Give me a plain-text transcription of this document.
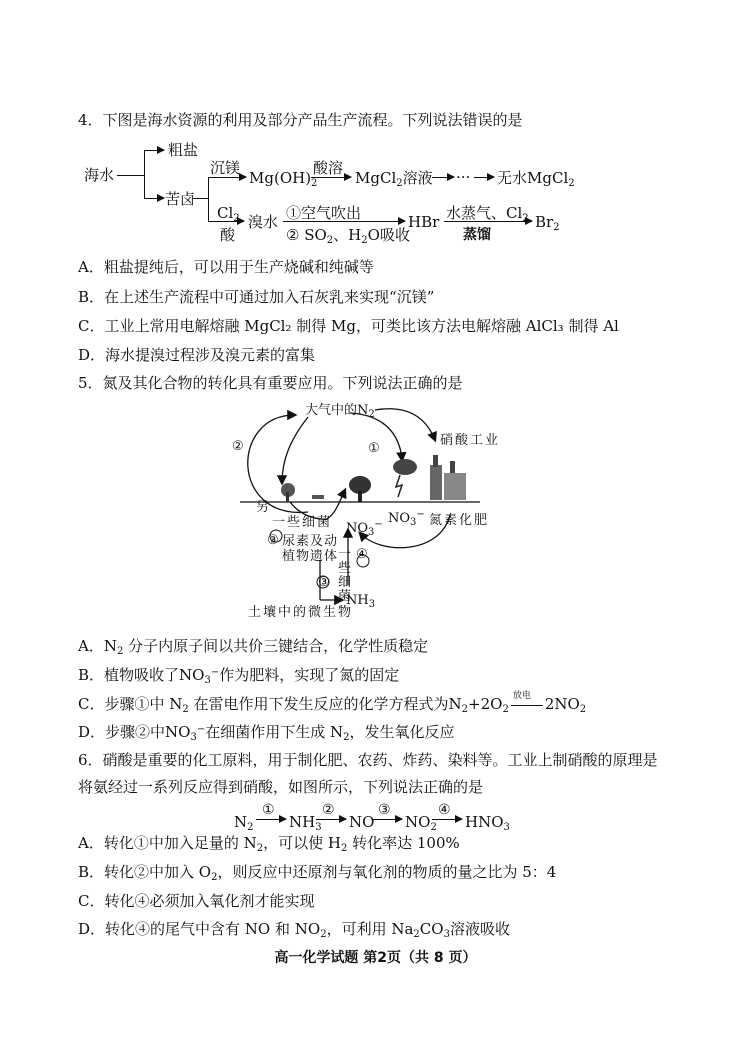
4．下图是海水资源的利用及部分产品生产流程。下列说法错误的是
海水
粗盐
苦卤
沉镁
$Mg(OH)_2$
酸溶
MgCl$_2$溶液 ··· 无水MgCl$_2$
$Cl_2$
酸
溴水 ①空气吹出
② $SO_2$、$H_2O$吸收
HBr 水蒸气、$Cl_2$
蒸馏
$Br_2$
A．粗盐提纯后，可以用于生产烧碱和纯碱等
B．在上述生产流程中可通过加入石灰乳来实现“沉镁”
C．工业上常用电解熔融 MgCl₂ 制得 Mg，可类比该方法电解熔融 AlCl₃ 制得 Al
D．海水提溴过程涉及溴元素的富集
5．氮及其化合物的转化具有重要应用。下列说法正确的是
大气中的$N_2$
②	①
硝酸工业
另
一些细菌 $NO_3^-$ $NO_3^-$ 氮素化肥
③ 尿素及动
植物遗体 一些细菌
④
③
$NH_3$
土壤中的微生物
A．$N_2$ 分子内原子间以共价三键结合，化学性质稳定
B．植物吸收了$NO_3^-$作为肥料，实现了氮的固定
C．步骤①中 $N_2$ 在雷电作用下发生反应的化学方程式为$N_2+2O_2$
放电 $2NO_2$
D．步骤②中$NO_3^-$在细菌作用下生成 $N_2$，发生氧化反应
6．硝酸是重要的化工原料，用于制化肥、农药、炸药、染料等。工业上制硝酸的原理是
将氨经过一系列反应得到硝酸，如图所示，下列说法正确的是
$N_2$
①
$NH_3$
②
NO
③
$NO_2$
④
$HNO_3$
A．转化①中加入足量的 $N_2$，可以使 $H_2$ 转化率达 100%
B．转化②中加入 $O_2$，则反应中还原剂与氧化剂的物质的量之比为 5：4
C．转化④必须加入氧化剂才能实现
D．转化④的尾气中含有 NO 和 $NO_2$，可利用 $Na_2CO_3$溶液吸收
高一化学试题 第2页（共 8 页）
